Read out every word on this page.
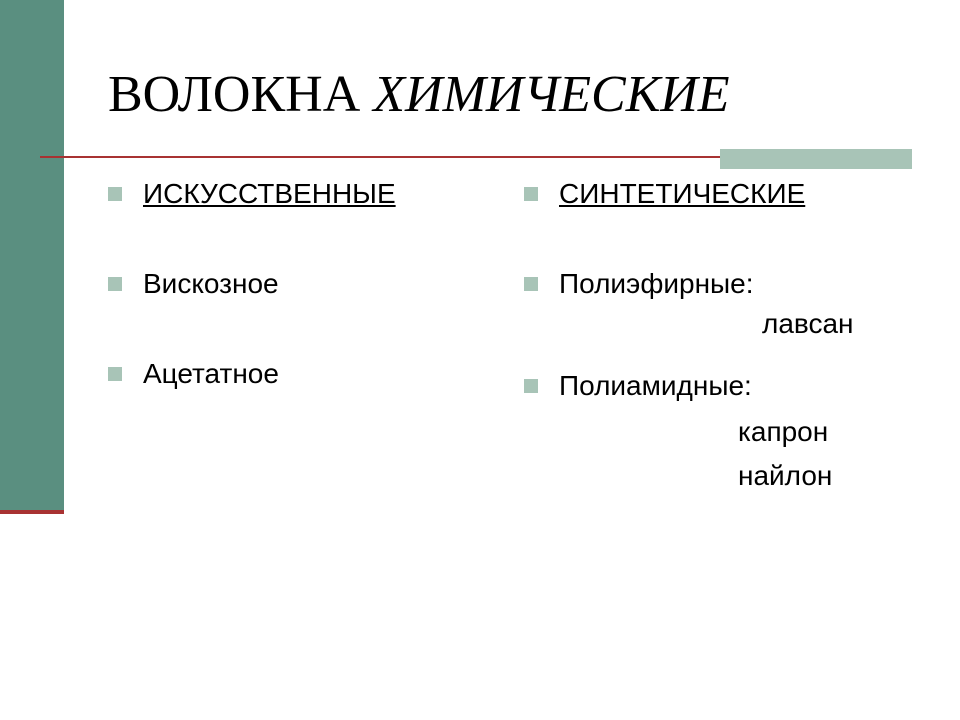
ВОЛОКНА ХИМИЧЕСКИЕ
ИСКУССТВЕННЫЕ
Вискозное
Ацетатное
СИНТЕТИЧЕСКИЕ
Полиэфирные:
лавсан
Полиамидные:
капрон
найлон
